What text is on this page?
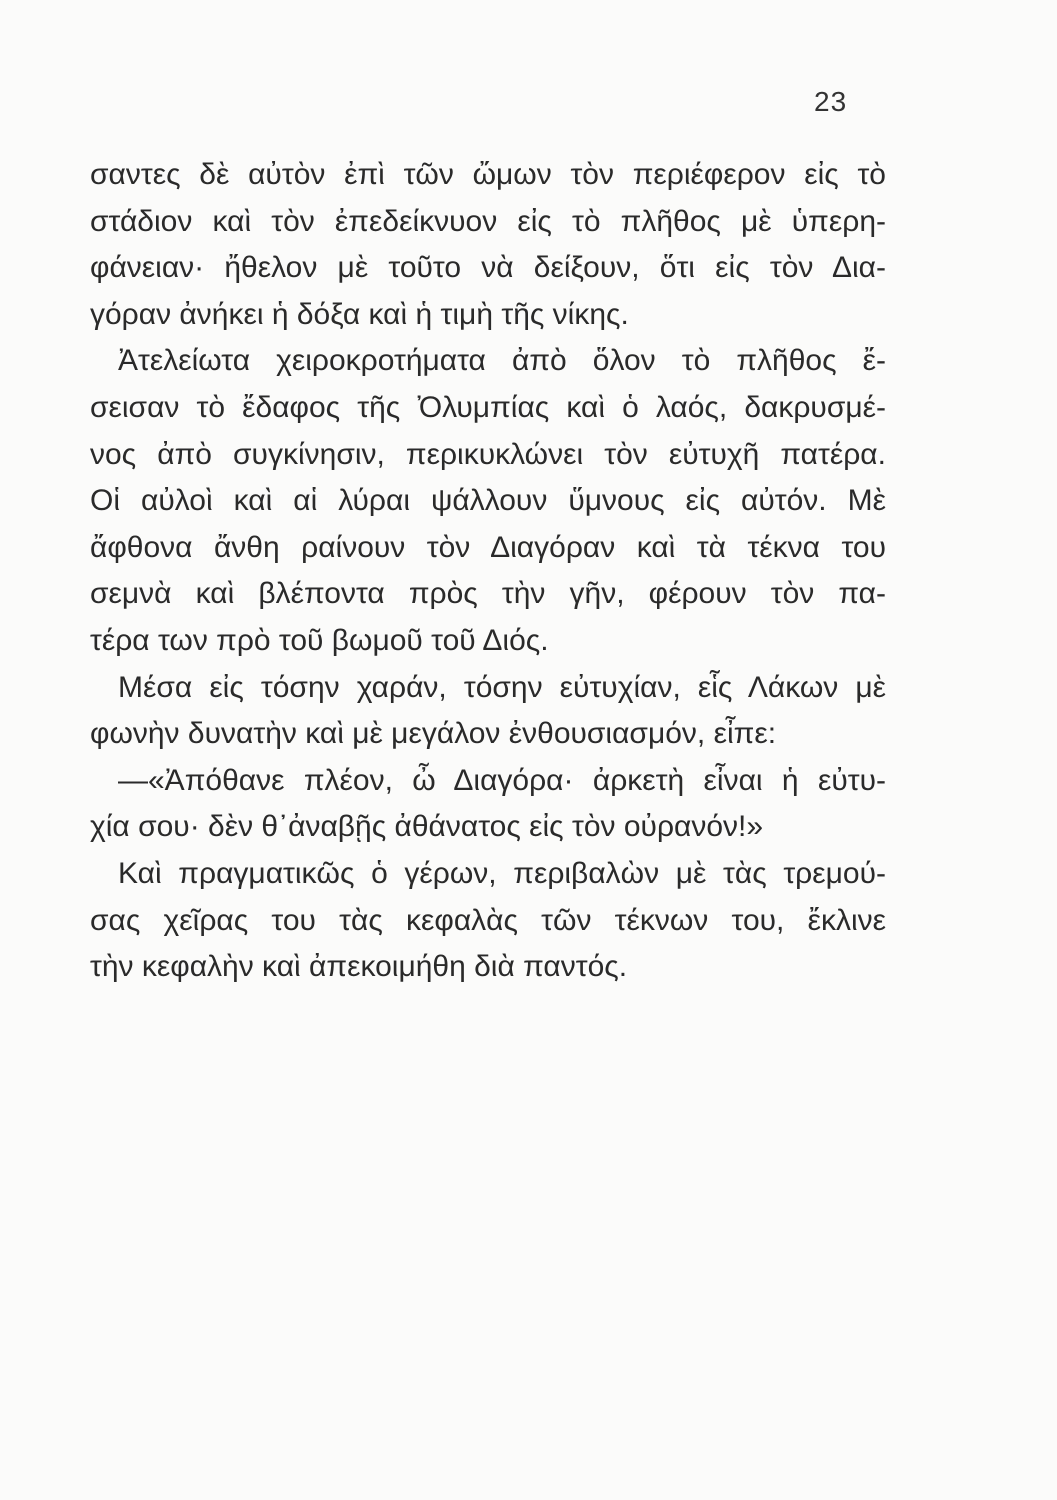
23
σαντες δὲ αὐτὸν ἐπὶ τῶν ὤμων τὸν περιέφερον εἰς τὸ
στάδιον καὶ τὸν ἐπεδείκνυον εἰς τὸ πλῆθος μὲ ὑπερη-
φάνειαν· ἤθελον μὲ τοῦτο νὰ δείξουν, ὅτι εἰς τὸν Δια-
γόραν ἀνήκει ἡ δόξα καὶ ἡ τιμὴ τῆς νίκης.
Ἀτελείωτα χειροκροτήματα ἀπὸ ὅλον τὸ πλῆθος ἔ-
σεισαν τὸ ἔδαφος τῆς Ὀλυμπίας καὶ ὁ λαός, δακρυσμέ-
νος ἀπὸ συγκίνησιν, περικυκλώνει τὸν εὐτυχῆ πατέρα.
Οἱ αὐλοὶ καὶ αἱ λύραι ψάλλουν ὕμνους εἰς αὐτόν. Μὲ
ἄφθονα ἄνθη ραίνουν τὸν Διαγόραν καὶ τὰ τέκνα του
σεμνὰ καὶ βλέποντα πρὸς τὴν γῆν, φέρουν τὸν πα-
τέρα των πρὸ τοῦ βωμοῦ τοῦ Διός.
Μέσα εἰς τόσην χαράν, τόσην εὐτυχίαν, εἷς Λάκων μὲ
φωνὴν δυνατὴν καὶ μὲ μεγάλον ἐνθουσιασμόν, εἶπε:
—«Ἀπόθανε πλέον, ὦ Διαγόρα· ἀρκετὴ εἶναι ἡ εὐτυ-
χία σου· δὲν θ᾽ἀναβῇς ἀθάνατος εἰς τὸν οὐρανόν!»
Καὶ πραγματικῶς ὁ γέρων, περιβαλὼν μὲ τὰς τρεμού-
σας χεῖρας του τὰς κεφαλὰς τῶν τέκνων του, ἔκλινε
τὴν κεφαλὴν καὶ ἀπεκοιμήθη διὰ παντός.
